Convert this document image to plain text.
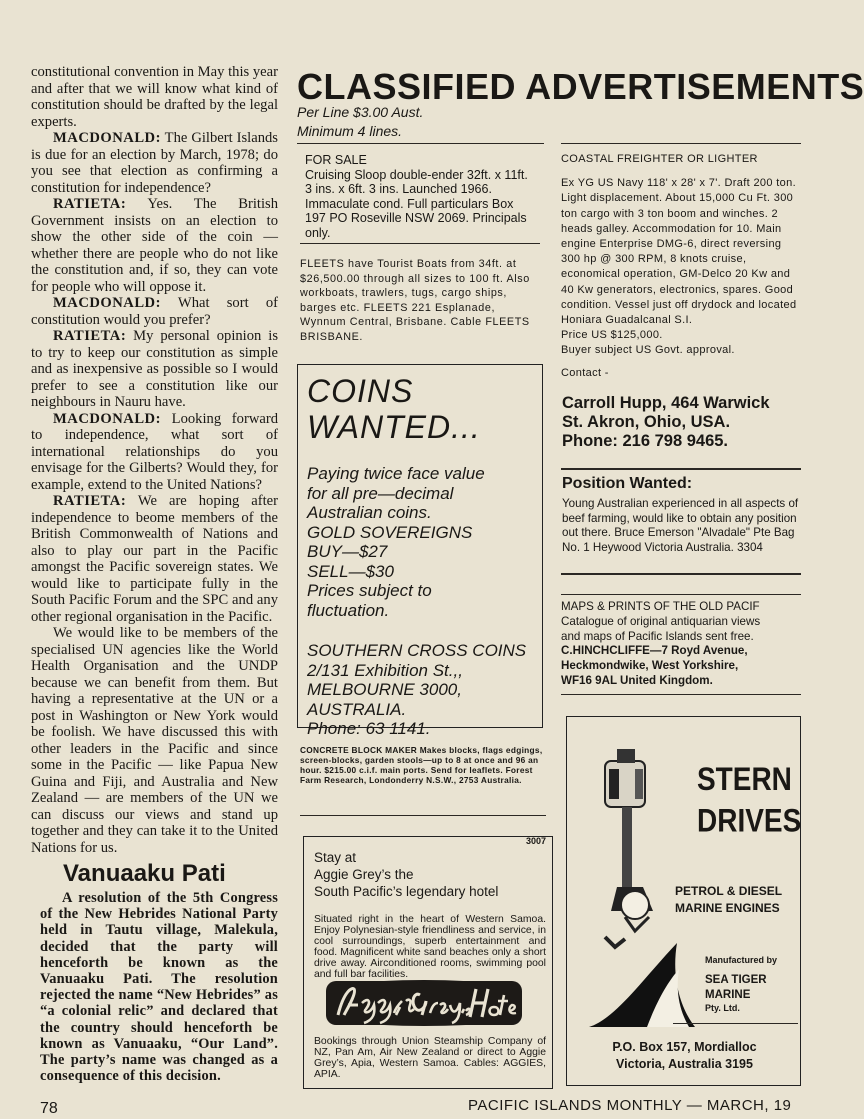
constitutional convention in May this year and after that we will know what kind of constitution should be drafted by the legal experts.

MACDONALD: The Gilbert Islands is due for an election by March, 1978; do you see that election as confirming a constitution for independence?

RATIETA: Yes. The British Government insists on an election to show the other side of the coin — whether there are people who do not like the constitution and, if so, they can vote for people who will oppose it.

MACDONALD: What sort of constitution would you prefer?

RATIETA: My personal opinion is to try to keep our constitution as simple and as inexpensive as possible so I would prefer to see a constitution like our neighbours in Nauru have.

MACDONALD: Looking forward to independence, what sort of international relationships do you envisage for the Gilberts? Would they, for example, extend to the United Nations?

RATIETA: We are hoping after independence to beome members of the British Commonwealth of Nations and also to play our part in the Pacific amongst the Pacific sovereign states. We would like to participate fully in the South Pacific Forum and the SPC and any other regional organisation in the Pacific.

We would like to be members of the specialised UN agencies like the World Health Organisation and the UNDP because we can benefit from them. But having a representative at the UN or a post in Washington or New York would be foolish. We have discussed this with other leaders in the Pacific and since some in the Pacific — like Papua New Guina and Fiji, and Australia and New Zealand — are members of the UN we can discuss our views and stand up together and they can take it to the United Nations for us.

Vanuaaku Pati

A resolution of the 5th Congress of the New Hebrides National Party held in Tautu village, Malekula, decided that the party will henceforth be known as the Vanuaaku Pati. The resolution rejected the name “New Hebrides” as “a colonial relic” and declared that the country should henceforth be known as Vanuaaku, “Our Land”. The party’s name was changed as a consequence of this decision.

78	PACIFIC ISLANDS MONTHLY — MARCH, 19
CLASSIFIED ADVERTISEMENTS
Per Line $3.00 Aust.
Minimum 4 lines.
FOR SALE
Cruising Sloop double-ender 32ft. x 11ft. 3 ins. x 6ft. 3 ins. Launched 1966. Immaculate cond. Full particulars Box 197 PO Roseville NSW 2069. Principals only.
FLEETS have Tourist Boats from 34ft. at $26,500.00 through all sizes to 100 ft. Also workboats, trawlers, tugs, cargo ships, barges etc. FLEETS 221 Esplanade, Wynnum Central, Brisbane. Cable FLEETS BRISBANE.
COINS
WANTED...
Paying twice face value
for all pre—decimal
Australian coins.
GOLD SOVEREIGNS
BUY—$27
SELL—$30
Prices subject to
fluctuation.
SOUTHERN CROSS COINS
2/131 Exhibition St.,,
MELBOURNE 3000,
AUSTRALIA.
Phone: 63 1141.
CONCRETE BLOCK MAKER Makes blocks, flags edgings, screen-blocks, garden stools—up to 8 at once and 96 an hour. $215.00 c.i.f. main ports. Send for leaflets. Forest Farm Research, Londonderry N.S.W., 2753 Australia.
3007
Stay at
Aggie Grey’s the
South Pacific’s legendary hotel
Situated right in the heart of Western Samoa. Enjoy Polynesian-style friendliness and service, in cool surroundings, superb entertainment and food. Magnificent white sand beaches only a short drive away. Airconditioned rooms, swimming pool and full bar facilities.
Bookings through Union Steamship Company of NZ, Pan Am, Air New Zealand or direct to Aggie Grey’s, Apia, Western Samoa. Cables: AGGIES, APIA.
COASTAL FREIGHTER OR LIGHTER
Ex YG US Navy 118' x 28' x 7'. Draft 200 ton. Light displacement. About 15,000 Cu Ft. 300 ton cargo with 3 ton boom and winches. 2 heads galley. Accommodation for 10. Main engine Enterprise DMG-6, direct reversing 300 hp @ 300 RPM, 8 knots cruise, economical operation, GM-Delco 20 Kw and 40 Kw generators, electronics, spares. Good condition. Vessel just off drydock and located Honiara Guadalcanal S.I.
Price US $125,000.
Buyer subject US Govt. approval.
Contact -
Carroll Hupp, 464 Warwick
St. Akron, Ohio, USA.
Phone: 216 798 9465.
Position Wanted:
Young Australian experienced in all aspects of beef farming, would like to obtain any position out there. Bruce Emerson "Alvadale" Pte Bag No. 1 Heywood Victoria Australia. 3304
MAPS & PRINTS OF THE OLD PACIF
Catalogue of original antiquarian views
and maps of Pacific Islands sent free.
C.HINCHCLIFFE—7 Royd Avenue,
Heckmondwike, West Yorkshire,
WF16 9AL United Kingdom.
STERN
DRIVES
PETROL & DIESEL
MARINE ENGINES
Manufactured by
SEA TIGER
MARINE
Pty. Ltd.
P.O. Box 157, Mordialloc
Victoria, Australia 3195
